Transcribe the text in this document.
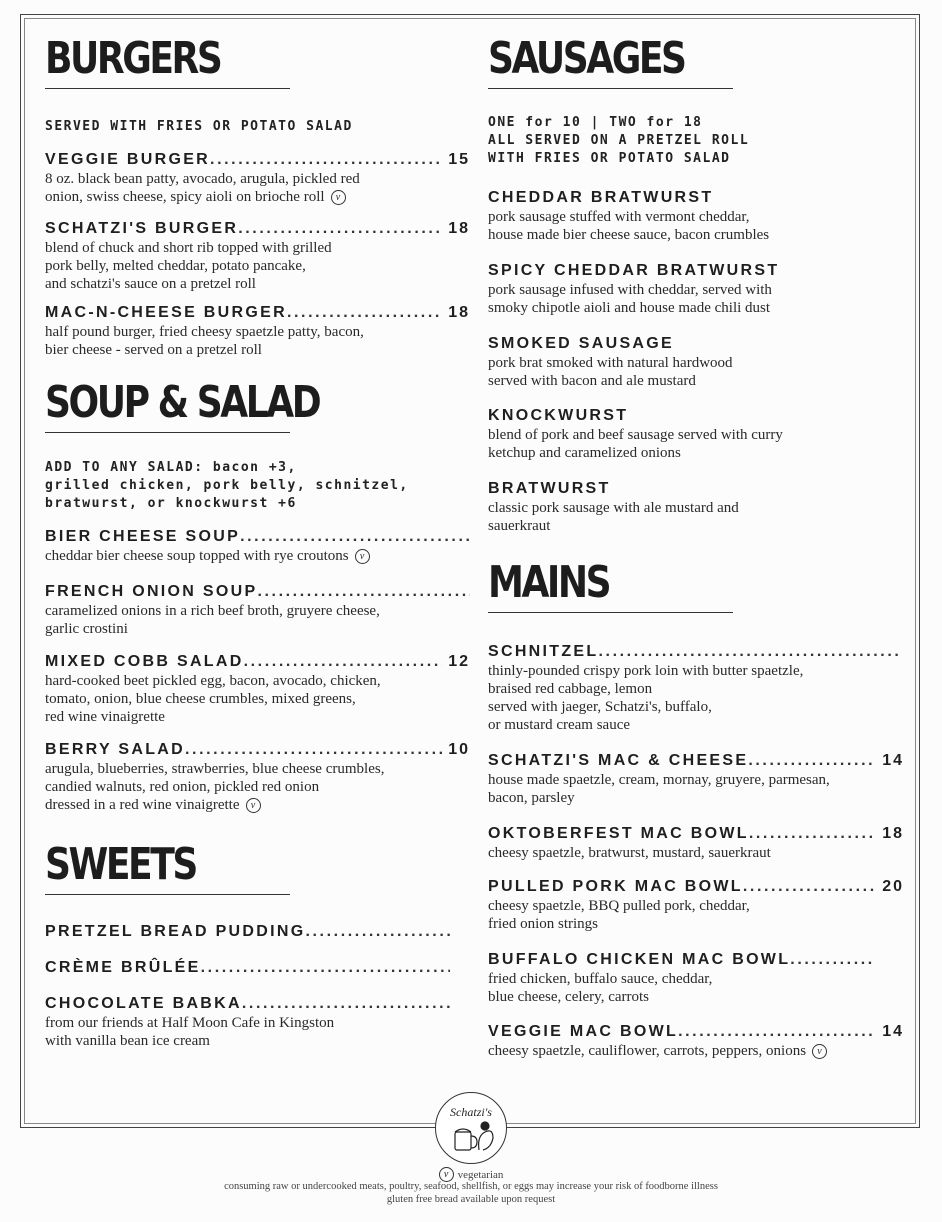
BURGERS
SERVED WITH FRIES OR POTATO SALAD
VEGGIE BURGER .....	15
8 oz. black bean patty, avocado, arugula, pickled red
onion, swiss cheese, spicy aioli on brioche roll v
SCHATZI'S BURGER .....	18
blend of chuck and short rib topped with grilled
pork belly, melted cheddar, potato pancake,
and schatzi's sauce on a pretzel roll
MAC-N-CHEESE BURGER .....	18
half pound burger, fried cheesy spaetzle patty, bacon,
bier cheese - served on a pretzel roll
SOUP & SALAD
ADD TO ANY SALAD: bacon +3,
grilled chicken, pork belly, schnitzel,
bratwurst, or knockwurst +6
BIER CHEESE SOUP
.....
cheddar bier cheese soup topped with rye croutons v
FRENCH ONION SOUP
.....
caramelized onions in a rich beef broth, gruyere cheese,
garlic crostini
MIXED COBB SALAD .....	12
hard-cooked beet pickled egg, bacon, avocado, chicken,
tomato, onion, blue cheese crumbles, mixed greens,
red wine vinaigrette
BERRY SALAD .....	10
arugula, blueberries, strawberries, blue cheese crumbles,
candied walnuts, red onion, pickled red onion
dressed in a red wine vinaigrette v
SWEETS
PRETZEL BREAD PUDDING
.....
CRÈME BRÛLÉE
.....
CHOCOLATE BABKA
.....
from our friends at Half Moon Cafe in Kingston
with vanilla bean ice cream
SAUSAGES
ONE for 10 | TWO for 18
ALL SERVED ON A PRETZEL ROLL
WITH FRIES OR POTATO SALAD
CHEDDAR BRATWURST
pork sausage stuffed with vermont cheddar,
house made bier cheese sauce, bacon crumbles
SPICY CHEDDAR BRATWURST
pork sausage infused with cheddar, served with
smoky chipotle aioli and house made chili dust
SMOKED SAUSAGE
pork brat smoked with natural hardwood
served with bacon and ale mustard
KNOCKWURST
blend of pork and beef sausage served with curry
ketchup and caramelized onions
BRATWURST
classic pork sausage with ale mustard and
sauerkraut
MAINS
SCHNITZEL
.....
thinly-pounded crispy pork loin with butter spaetzle,
braised red cabbage, lemon
served with jaeger, Schatzi's, buffalo,
or mustard cream sauce
SCHATZI'S MAC & CHEESE .....	14
house made spaetzle, cream, mornay, gruyere, parmesan,
bacon, parsley
OKTOBERFEST MAC BOWL .....	18
cheesy spaetzle, bratwurst, mustard, sauerkraut
PULLED PORK MAC BOWL .....	20
cheesy spaetzle, BBQ pulled pork, cheddar,
fried onion strings
BUFFALO CHICKEN MAC BOWL
.....
fried chicken, buffalo sauce, cheddar,
blue cheese, celery, carrots
VEGGIE MAC BOWL .....	14
cheesy spaetzle, cauliflower, carrots, peppers, onions v
Schatzi's
v vegetarian
consuming raw or undercooked meats, poultry, seafood, shellfish, or eggs may increase your risk of foodborne illness
gluten free bread available upon request
